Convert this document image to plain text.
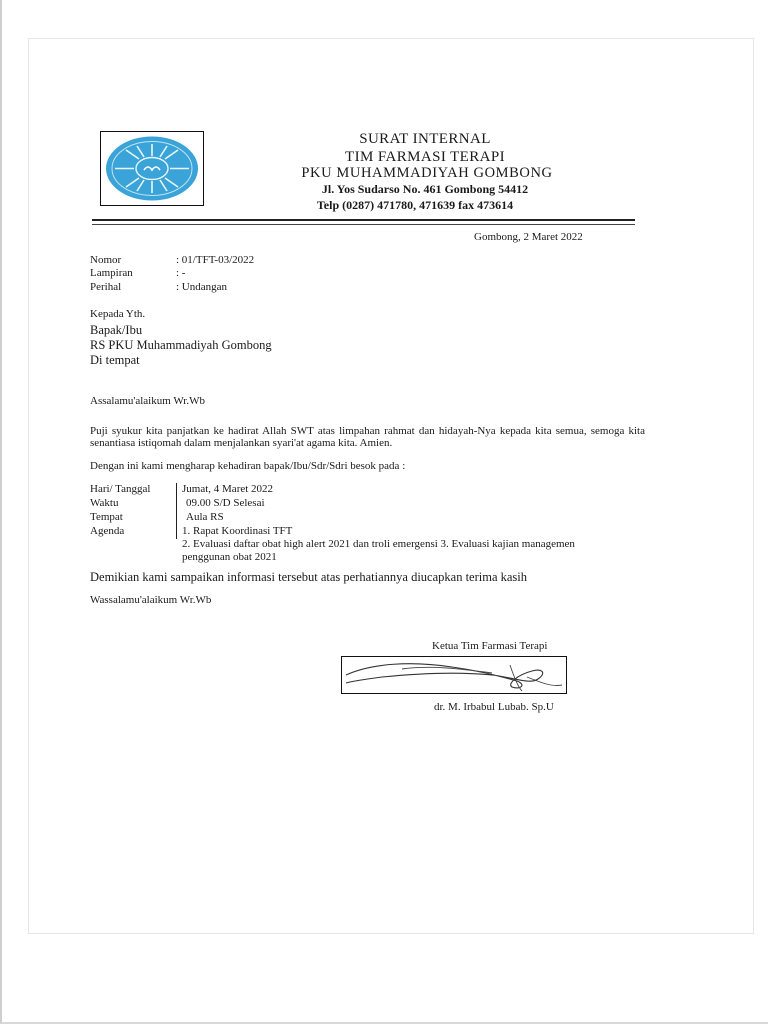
SURAT INTERNAL
TIM FARMASI TERAPI
PKU MUHAMMADIYAH GOMBONG
Jl. Yos Sudarso No. 461 Gombong 54412
Telp (0287) 471780, 471639 fax 473614
Gombong, 2 Maret 2022
Nomor	: 01/TFT-03/2022
Lampiran	: -
Perihal	: Undangan
Kepada Yth.
Bapak/Ibu
RS PKU Muhammadiyah Gombong
Di tempat
Assalamu'alaikum Wr.Wb
Puji syukur kita panjatkan ke hadirat Allah SWT atas limpahan rahmat dan hidayah-Nya kepada kita semua, semoga kita senantiasa istiqomah dalam menjalankan syari'at agama kita. Amien.
Dengan ini kami mengharap kehadiran bapak/Ibu/Sdr/Sdri besok pada :
Hari/ Tanggal	Jumat, 4 Maret 2022
Waktu	09.00 S/D Selesai
Tempat	Aula RS
Agenda	1. Rapat Koordinasi TFT
2. Evaluasi daftar obat high alert 2021 dan troli emergensi 3. Evaluasi kajian managemen
penggunan obat 2021
Demikian kami sampaikan informasi tersebut atas perhatiannya diucapkan terima kasih
Wassalamu'alaikum Wr.Wb
Ketua Tim Farmasi Terapi
dr. M. Irbabul Lubab. Sp.U
